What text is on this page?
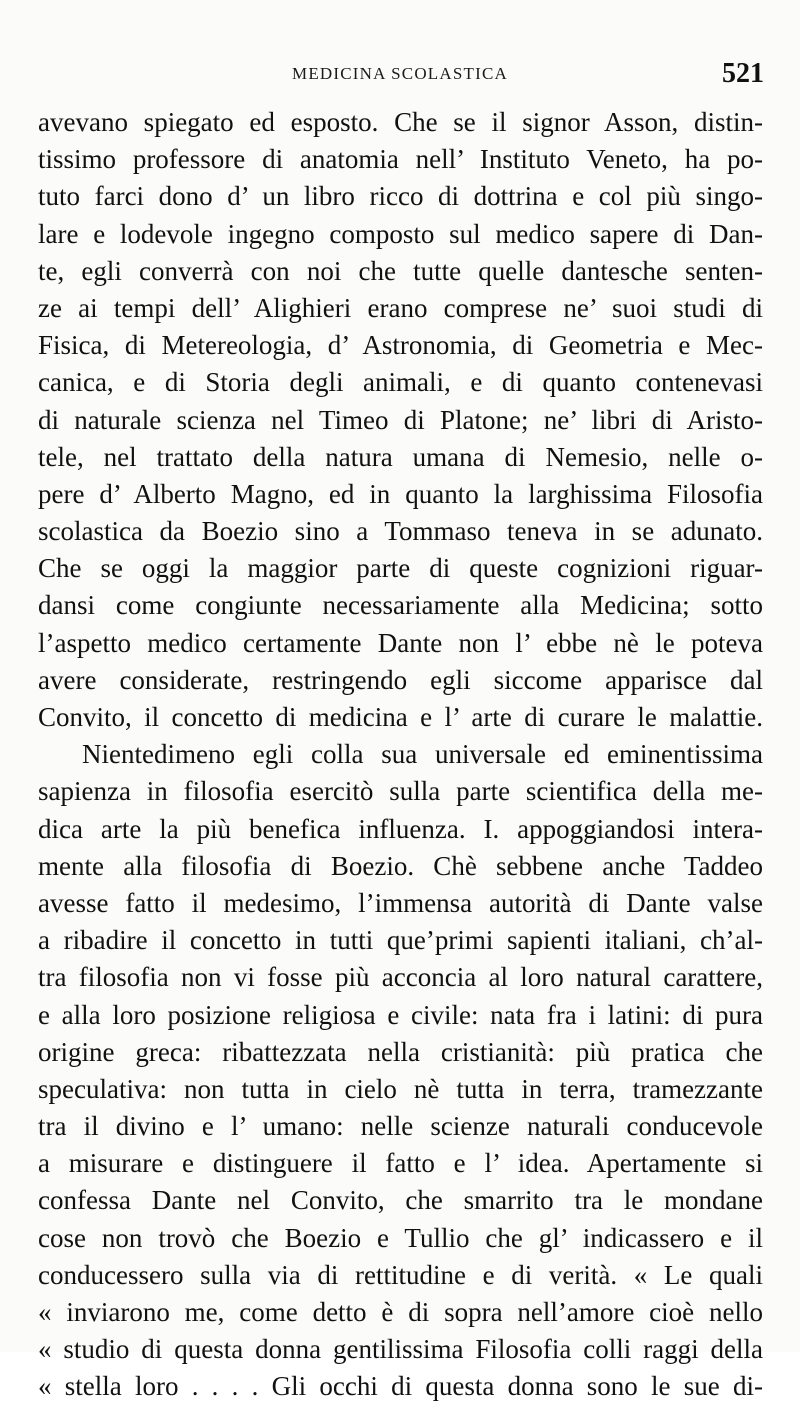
MEDICINA SCOLASTICA	521
avevano spiegato ed esposto. Che se il signor Asson, distin-
tissimo professore di anatomia nell’ Instituto Veneto, ha po-
tuto farci dono d’ un libro ricco di dottrina e col più singo-
lare e lodevole ingegno composto sul medico sapere di Dan-
te, egli converrà con noi che tutte quelle dantesche senten-
ze ai tempi dell’ Alighieri erano comprese ne’ suoi studi di
Fisica, di Metereologia, d’ Astronomia, di Geometria e Mec-
canica, e di Storia degli animali, e di quanto contenevasi
di naturale scienza nel Timeo di Platone; ne’ libri di Aristo-
tele, nel trattato della natura umana di Nemesio, nelle o-
pere d’ Alberto Magno, ed in quanto la larghissima Filosofia
scolastica da Boezio sino a Tommaso teneva in se adunato.
Che se oggi la maggior parte di queste cognizioni riguar-
dansi come congiunte necessariamente alla Medicina; sotto
l’aspetto medico certamente Dante non l’ ebbe nè le poteva
avere considerate, restringendo egli siccome apparisce dal
Convito, il concetto di medicina e l’ arte di curare le malattie.
Nientedimeno egli colla sua universale ed eminentissima
sapienza in filosofia esercitò sulla parte scientifica della me-
dica arte la più benefica influenza. I. appoggiandosi intera-
mente alla filosofia di Boezio. Chè sebbene anche Taddeo
avesse fatto il medesimo, l’immensa autorità di Dante valse
a ribadire il concetto in tutti que’primi sapienti italiani, ch’al-
tra filosofia non vi fosse più acconcia al loro natural carattere,
e alla loro posizione religiosa e civile: nata fra i latini: di pura
origine greca: ribattezzata nella cristianità: più pratica che
speculativa: non tutta in cielo nè tutta in terra, tramezzante
tra il divino e l’ umano: nelle scienze naturali conducevole
a misurare e distinguere il fatto e l’ idea. Apertamente si
confessa Dante nel Convito, che smarrito tra le mondane
cose non trovò che Boezio e Tullio che gl’ indicassero e il
conducessero sulla via di rettitudine e di verità. « Le quali
« inviarono me, come detto è di sopra nell’amore cioè nello
« studio di questa donna gentilissima Filosofia colli raggi della
« stella loro . . . . Gli occhi di questa donna sono le sue di-
